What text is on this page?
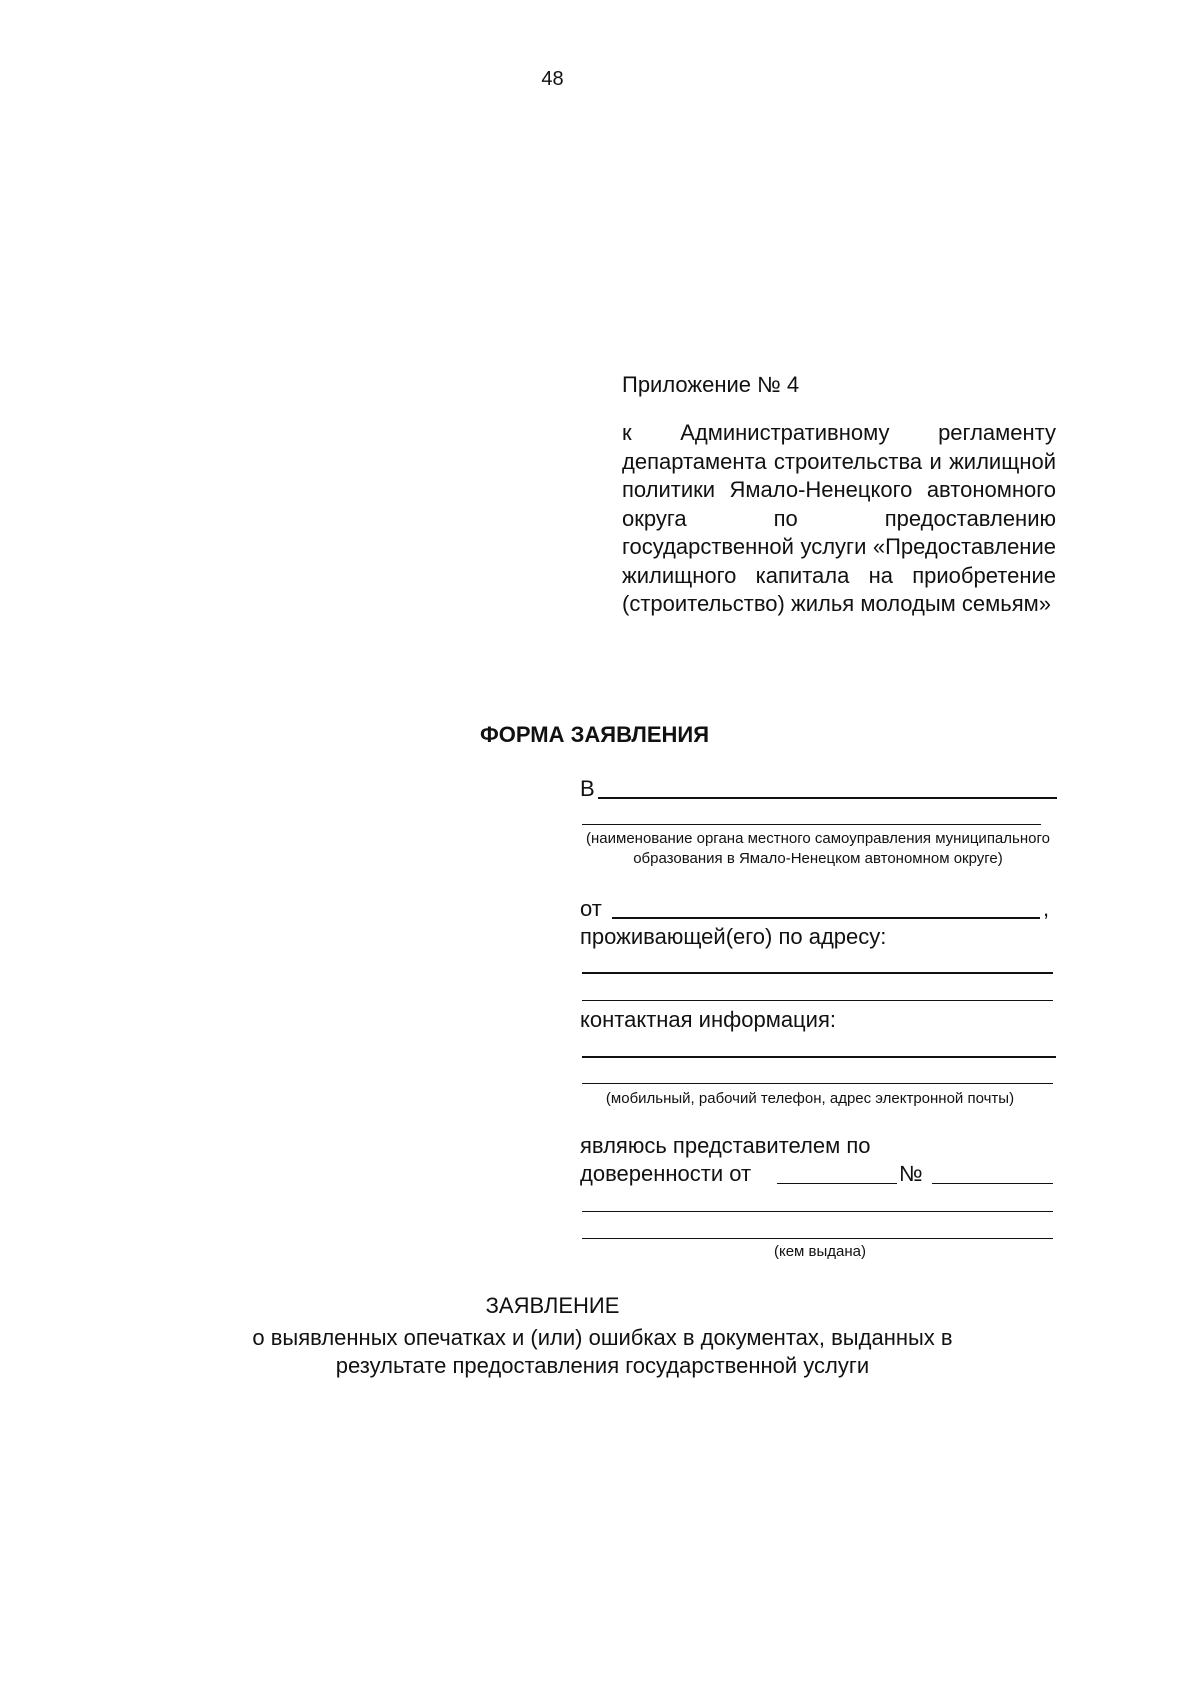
48
Приложение № 4
к Административному регламенту департамента строительства и жилищной политики Ямало-Ненецкого автономного округа по предоставлению государственной услуги «Предоставление жилищного капитала на приобретение (строительство) жилья молодым семьям»
ФОРМА ЗАЯВЛЕНИЯ
В
(наименование органа местного самоуправления муниципального образования в Ямало-Ненецком автономном округе)
от	,
проживающей(его) по адресу:
контактная информация:
(мобильный, рабочий телефон, адрес электронной почты)
являюсь представителем по
доверенности от	№
(кем выдана)
ЗАЯВЛЕНИЕ
о выявленных опечатках и (или) ошибках в документах, выданных в результате предоставления государственной услуги
